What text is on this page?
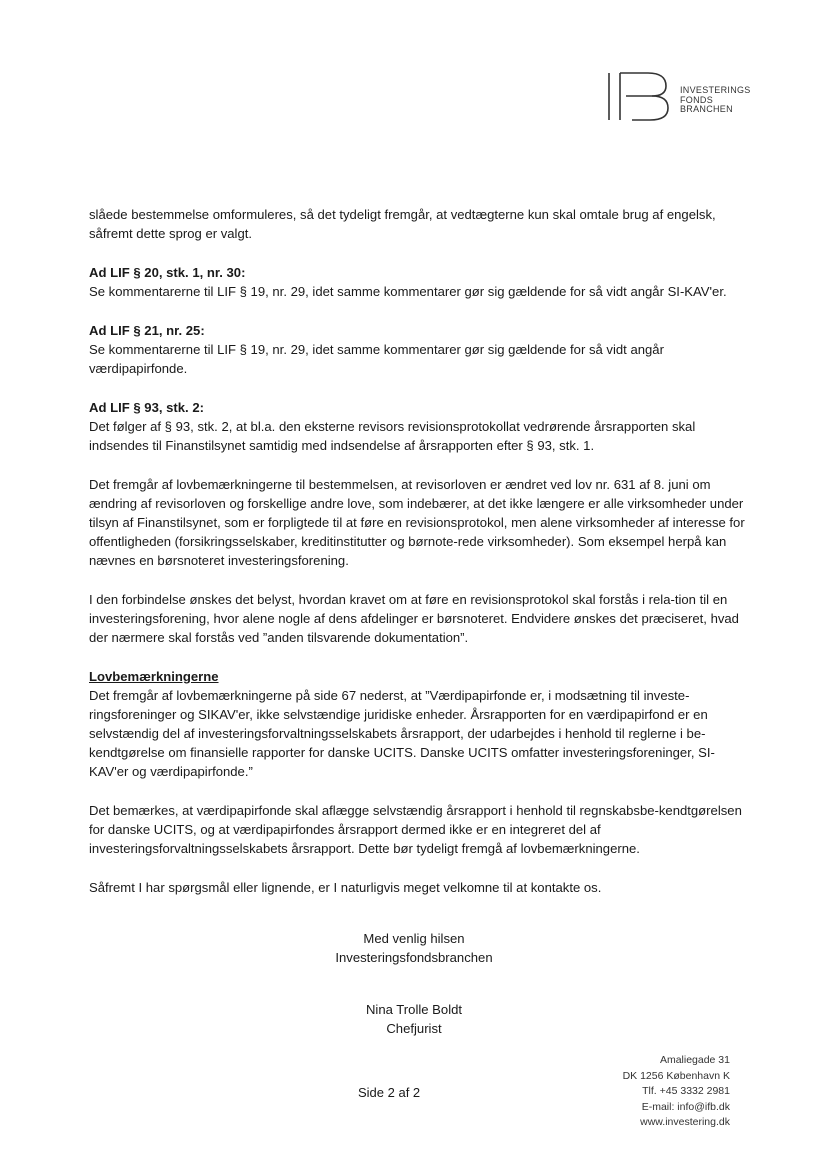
INVESTERINGS
FONDS
BRANCHEN

slåede bestemmelse omformuleres, så det tydeligt fremgår, at vedtægterne kun skal omtale brug af engelsk, såfremt dette sprog er valgt.

Ad LIF § 20, stk. 1, nr. 30:
Se kommentarerne til LIF § 19, nr. 29, idet samme kommentarer gør sig gældende for så vidt angår SI-KAV'er.

Ad LIF § 21, nr. 25:
Se kommentarerne til LIF § 19, nr. 29, idet samme kommentarer gør sig gældende for så vidt angår værdipapirfonde.

Ad LIF § 93, stk. 2:
Det følger af § 93, stk. 2, at bl.a. den eksterne revisors revisionsprotokollat vedrørende årsrapporten skal indsendes til Finanstilsynet samtidig med indsendelse af årsrapporten efter § 93, stk. 1.

Det fremgår af lovbemærkningerne til bestemmelsen, at revisorloven er ændret ved lov nr. 631 af 8. juni om ændring af revisorloven og forskellige andre love, som indebærer, at det ikke længere er alle virksomheder under tilsyn af Finanstilsynet, som er forpligtede til at føre en revisionsprotokol, men alene virksomheder af interesse for offentligheden (forsikringsselskaber, kreditinstitutter og børnote-rede virksomheder). Som eksempel herpå kan nævnes en børsnoteret investeringsforening.

I den forbindelse ønskes det belyst, hvordan kravet om at føre en revisionsprotokol skal forstås i rela-tion til en investeringsforening, hvor alene nogle af dens afdelinger er børsnoteret. Endvidere ønskes det præciseret, hvad der nærmere skal forstås ved ”anden tilsvarende dokumentation”.

Lovbemærkningerne
Det fremgår af lovbemærkningerne på side 67 nederst, at ”Værdipapirfonde er, i modsætning til investe-ringsforeninger og SIKAV'er, ikke selvstændige juridiske enheder. Årsrapporten for en værdipapirfond er en selvstændig del af investeringsforvaltningsselskabets årsrapport, der udarbejdes i henhold til reglerne i be-kendtgørelse om finansielle rapporter for danske UCITS. Danske UCITS omfatter investeringsforeninger, SI-KAV'er og værdipapirfonde.”

Det bemærkes, at værdipapirfonde skal aflægge selvstændig årsrapport i henhold til regnskabsbe-kendtgørelsen for danske UCITS, og at værdipapirfondes årsrapport dermed ikke er en integreret del af investeringsforvaltningsselskabets årsrapport. Dette bør tydeligt fremgå af lovbemærkningerne.

Såfremt I har spørgsmål eller lignende, er I naturligvis meget velkomne til at kontakte os.

Med venlig hilsen
Investeringsfondsbranchen
Nina Trolle Boldt
Chefjurist
Side 2 af 2
Amaliegade 31
DK 1256 København K
Tlf. +45 3332 2981
E-mail: info@ifb.dk
www.investering.dk
